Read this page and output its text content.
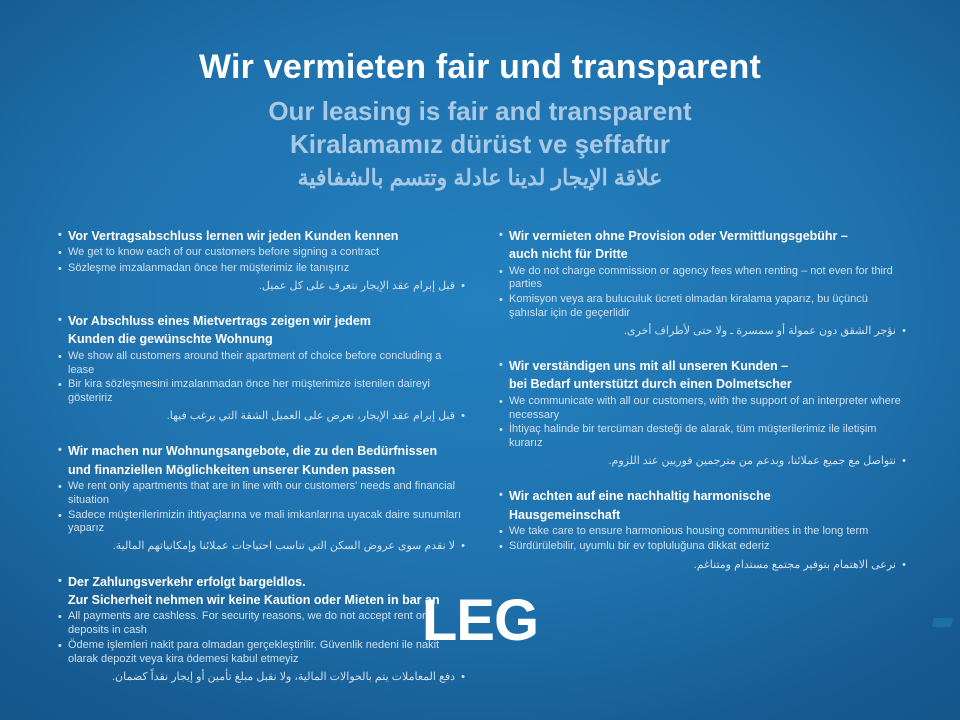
Wir vermieten fair und transparent
Our leasing is fair and transparent
Kiralamamız dürüst ve şeffaftır
علاقة الإيجار لدينا عادلة وتتسم بالشفافية
• Vor Vertragsabschluss lernen wir jeden Kunden kennen
• We get to know each of our customers before signing a contract
• Sözleşme imzalanmadan önce her müşterimiz ile tanışırız
•
قبل إبرام عقد الإيجار نتعرف على كل عميل.
• Vor Abschluss eines Mietvertrags zeigen wir jedem
Kunden die gewünschte Wohnung
• We show all customers around their apartment of choice before concluding a lease
• Bir kira sözleşmesini imzalanmadan önce her müşterimize istenilen daireyi gösteririz
•
قبل إبرام عقد الإيجار، نعرض على العميل الشقة التي يرغب فيها.
• Wir machen nur Wohnungsangebote, die zu den Bedürfnissen
und finanziellen Möglichkeiten unserer Kunden passen
• We rent only apartments that are in line with our customers' needs and financial situation
• Sadece müşterilerimizin ihtiyaçlarına ve mali imkanlarına uyacak daire sunumları yaparız
•
لا نقدم سوى عروض السكن التي تناسب احتياجات عملائنا وإمكانياتهم المالية.
• Der Zahlungsverkehr erfolgt bargeldlos.
Zur Sicherheit nehmen wir keine Kaution oder Mieten in bar an
• All payments are cashless. For security reasons, we do not accept rent or deposits in cash
• Ödeme işlemleri nakit para olmadan gerçekleştirilir. Güvenlik nedeni ile nakit olarak depozit veya kira ödemesi kabul etmeyiz
•
دفع المعاملات يتم بالحوالات المالية، ولا نقبل مبلغ تأمين أو إيجار نقداً كضمان.
• Wir vermieten ohne Provision oder Vermittlungsgebühr –
auch nicht für Dritte
• We do not charge commission or agency fees when renting – not even for third parties
• Komisyon veya ara buluculuk ücreti olmadan kiralama yaparız, bu üçüncü şahıslar için de geçerlidir
•
نؤجر الشقق دون عمولة أو سمسرة ـ ولا حتى لأطراف أخرى.
• Wir verständigen uns mit all unseren Kunden –
bei Bedarf unterstützt durch einen Dolmetscher
• We communicate with all our customers, with the support of an interpreter where necessary
• İhtiyaç halinde bir tercüman desteği de alarak, tüm müşterilerimiz ile iletişim kurarız
•
نتواصل مع جميع عملائنا، وبدعم من مترجمين فوريين عند اللزوم.
• Wir achten auf eine nachhaltig harmonische
Hausgemeinschaft
• We take care to ensure harmonious housing communities in the long term
• Sürdürülebilir, uyumlu bir ev topluluğuna dikkat ederiz
•
نرعى الاهتمام بتوفير مجتمع مستدام ومتناغم.
LEG
